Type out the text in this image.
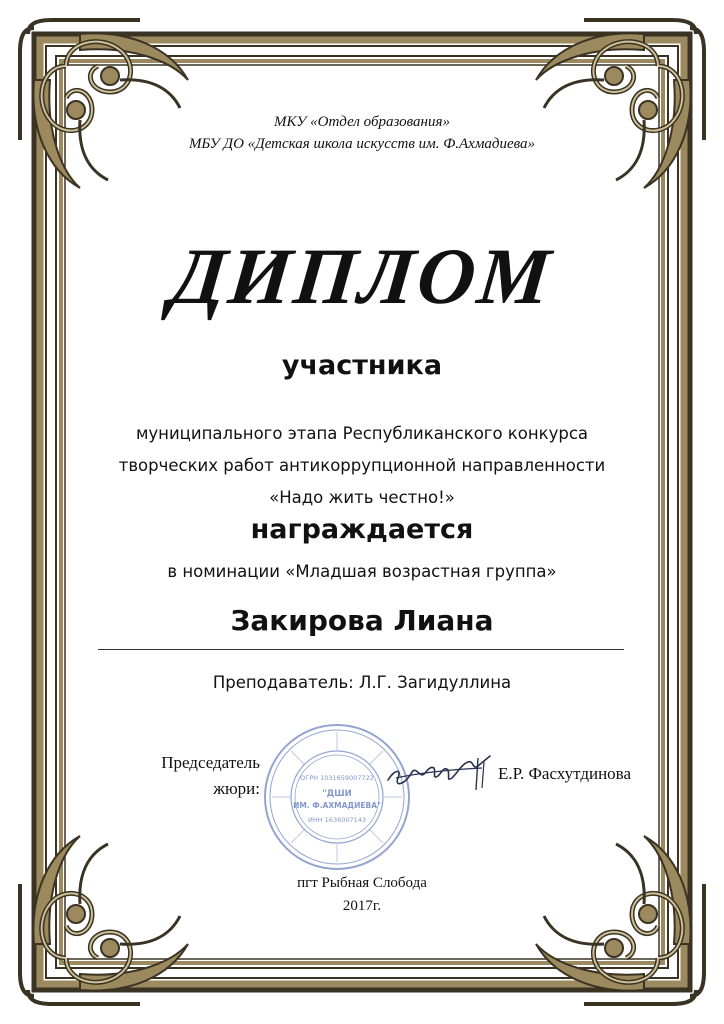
МКУ «Отдел образования»
МБУ ДО «Детская школа искусств им. Ф.Ахмадиева»
ДИПЛОМ
участника
муниципального этапа Республиканского конкурса
творческих работ антикоррупционной направленности
«Надо жить честно!»
награждается
в номинации «Младшая возрастная группа»
Закирова Лиана
Преподаватель: Л.Г. Загидуллина
Председатель
жюри:
ОГРН 1031659007722
"ДШИ
ИМ. Ф.АХМАДИЕВА"
ИНН 1636007143
Е.Р. Фасхутдинова
пгт Рыбная Слобода
2017г.
